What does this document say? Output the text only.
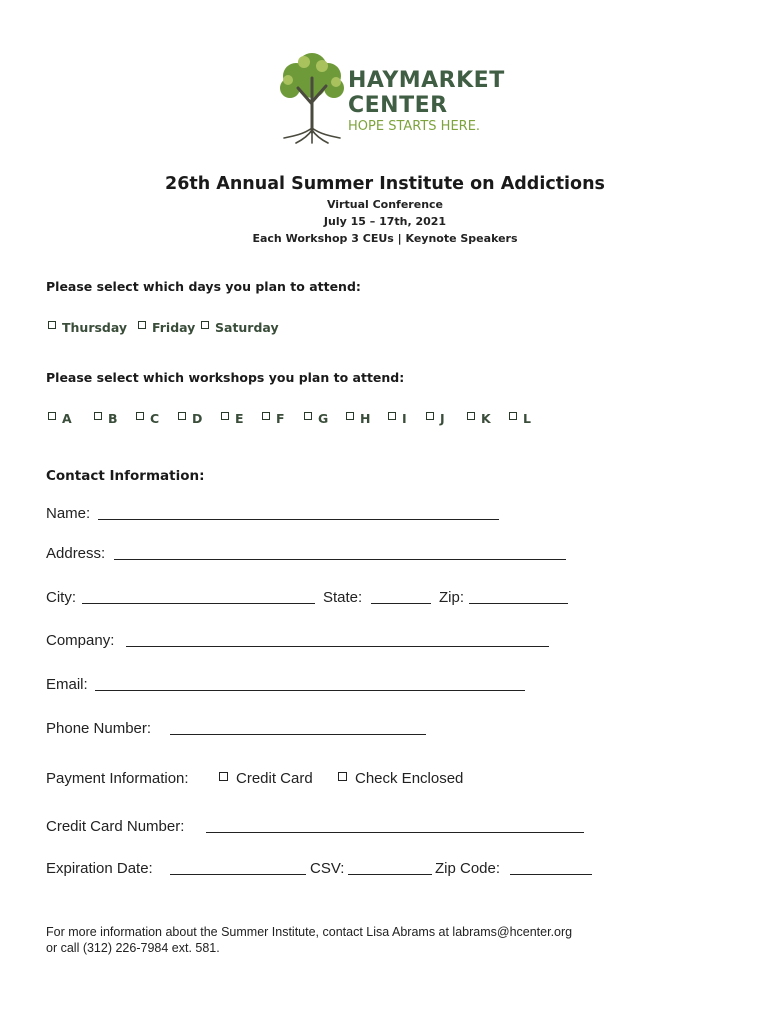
HAYMARKET
CENTER
HOPE STARTS HERE.
26th Annual Summer Institute on Addictions
Virtual Conference
July 15 – 17th, 2021
Each Workshop 3 CEUs | Keynote Speakers
Please select which days you plan to attend:
Thursday Friday Saturday
Please select which workshops you plan to attend:
A	B	C	D	E	F	G	H	I	J	K	L
Contact Information:
Name:
Address:
City:	State:	Zip:
Company:
Email:
Phone Number:
Payment Information:	Credit Card	Check Enclosed
Credit Card Number:
Expiration Date:	CSV:	Zip Code:
For more information about the Summer Institute, contact Lisa Abrams at labrams@hcenter.org
or call (312) 226-7984 ext. 581.
